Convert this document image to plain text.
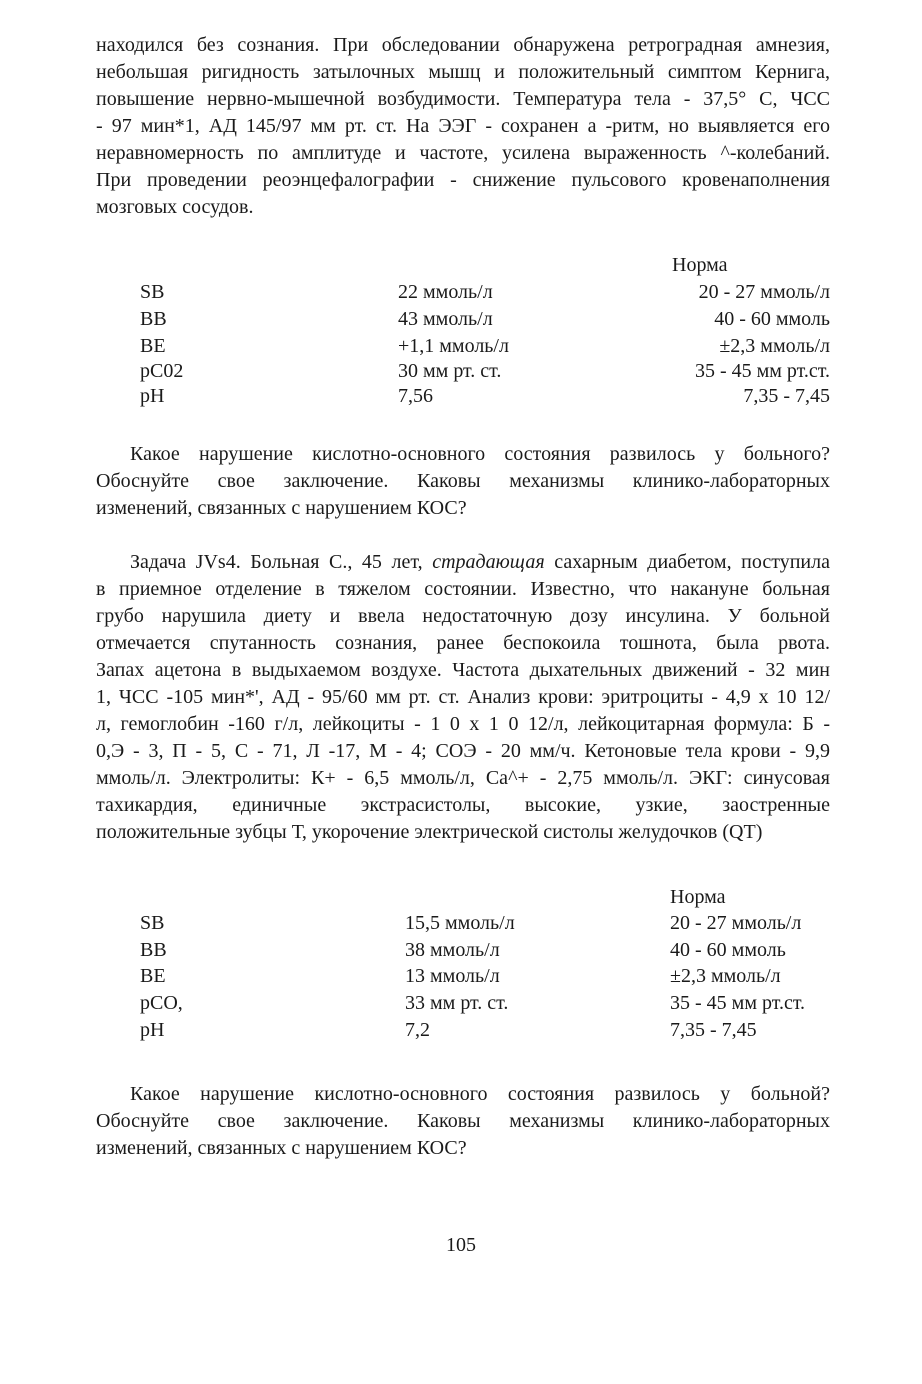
находился без сознания. При обследовании обнаружена ретроградная амнезия,
небольшая ригидность затылочных мышц и положительный симптом Кернига,
повышение нервно-мышечной возбудимости. Температура тела - 37,5° С, ЧСС
- 97 мин*1, АД 145/97 мм рт. ст. На ЭЭГ - сохранен а -ритм, но выявляется его
неравномерность по амплитуде и частоте, усилена выраженность ^-колебаний.
При проведении реоэнцефалографии - снижение пульсового кровенаполнения
мозговых сосудов.
Норма
SB	22 ммоль/л	20 - 27 ммоль/л
BB	43 ммоль/л	40 - 60 ммоль
BE	+1,1 ммоль/л	±2,3 ммоль/л
pC02	30 мм рт. ст.	35 - 45 мм рт.ст.
pH	7,56	7,35 - 7,45
Какое нарушение кислотно-основного состояния развилось у больного?
Обоснуйте свое заключение. Каковы механизмы клинико-лабораторных
изменений, связанных с нарушением КОС?
Задача JVs4. Больная С., 45 лет, страдающая сахарным диабетом, поступила
в приемное отделение в тяжелом состоянии. Известно, что накануне больная
грубо нарушила диету и ввела недостаточную дозу инсулина. У больной
отмечается спутанность сознания, ранее беспокоила тошнота, была рвота.
Запах ацетона в выдыхаемом воздухе. Частота дыхательных движений - 32 мин
1, ЧСС -105 мин*', АД - 95/60 мм рт. ст. Анализ крови: эритроциты - 4,9 х 10 12/
л, гемоглобин -160 г/л, лейкоциты - 1 0 х 1 0 12/л, лейкоцитарная формула: Б -
0,Э - 3, П - 5, С - 71, Л -17, М - 4; СОЭ - 20 мм/ч. Кетоновые тела крови - 9,9
ммоль/л. Электролиты: К+ - 6,5 ммоль/л, Са^+ - 2,75 ммоль/л. ЭКГ: синусовая
тахикардия, единичные экстрасистолы, высокие, узкие, заостренные
положительные зубцы Т, укорочение электрической систолы желудочков (QT)
Норма
SB	15,5 ммоль/л	20 - 27 ммоль/л
BB	38 ммоль/л	40 - 60 ммоль
BE	13 ммоль/л	±2,3 ммоль/л
pCO,	33 мм рт. ст.	35 - 45 мм рт.ст.
pH	7,2	7,35 - 7,45
Какое нарушение кислотно-основного состояния развилось у больной?
Обоснуйте свое заключение. Каковы механизмы клинико-лабораторных
изменений, связанных с нарушением КОС?
105
